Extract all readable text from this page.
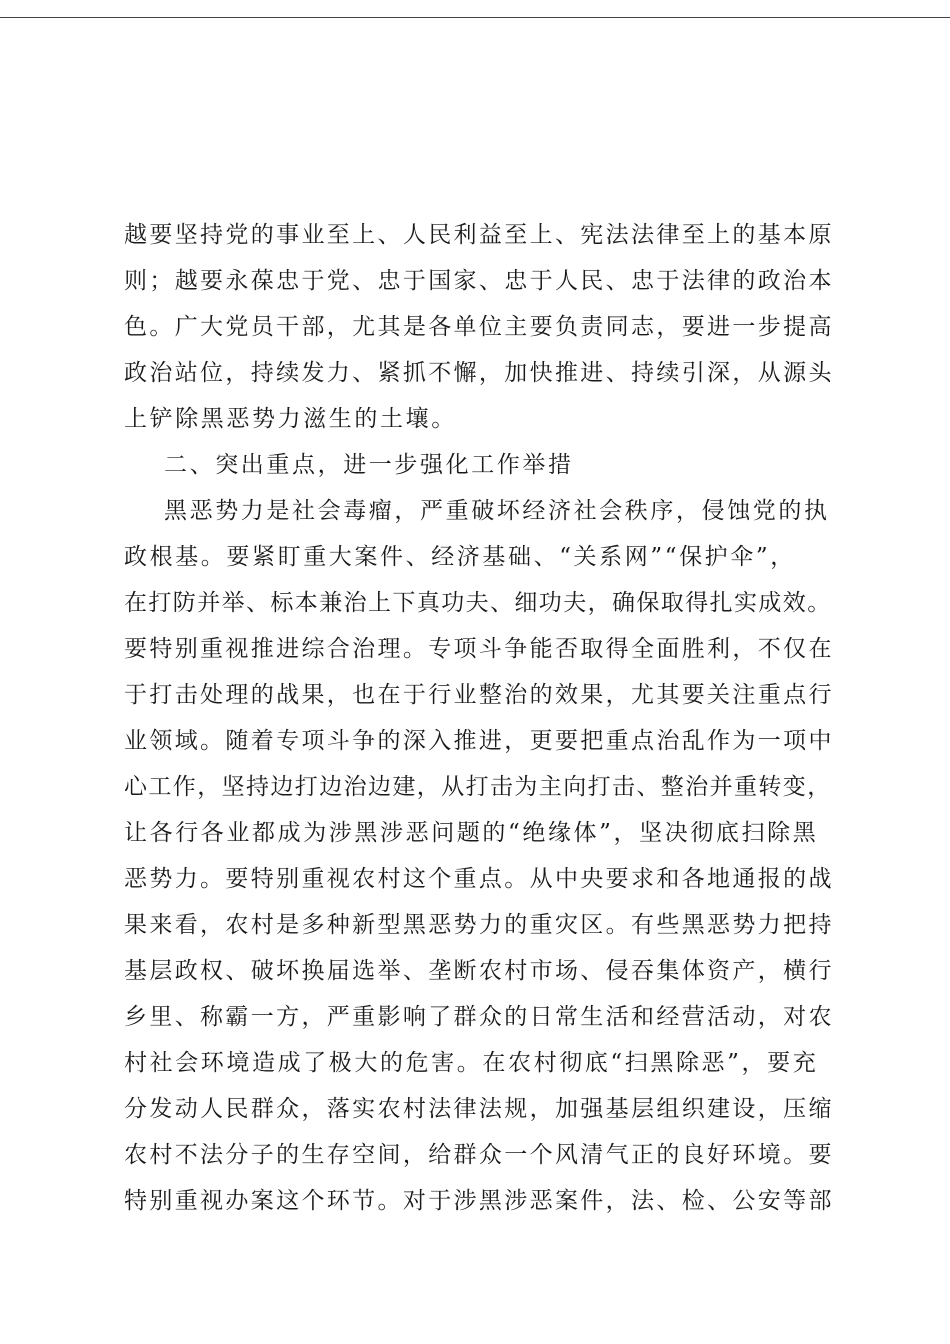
越要坚持党的事业至上、人民利益至上、宪法法律至上的基本原
则；越要永葆忠于党、忠于国家、忠于人民、忠于法律的政治本
色。广大党员干部，尤其是各单位主要负责同志，要进一步提高
政治站位，持续发力、紧抓不懈，加快推进、持续引深，从源头
上铲除黑恶势力滋生的土壤。
二、突出重点，进一步强化工作举措
黑恶势力是社会毒瘤，严重破坏经济社会秩序，侵蚀党的执
政根基。要紧盯重大案件、经济基础、“关系网”“保护伞”，
在打防并举、标本兼治上下真功夫、细功夫，确保取得扎实成效。
要特别重视推进综合治理。专项斗争能否取得全面胜利，不仅在
于打击处理的战果，也在于行业整治的效果，尤其要关注重点行
业领域。随着专项斗争的深入推进，更要把重点治乱作为一项中
心工作，坚持边打边治边建，从打击为主向打击、整治并重转变，
让各行各业都成为涉黑涉恶问题的“绝缘体”，坚决彻底扫除黑
恶势力。要特别重视农村这个重点。从中央要求和各地通报的战
果来看，农村是多种新型黑恶势力的重灾区。有些黑恶势力把持
基层政权、破坏换届选举、垄断农村市场、侵吞集体资产，横行
乡里、称霸一方，严重影响了群众的日常生活和经营活动，对农
村社会环境造成了极大的危害。在农村彻底“扫黑除恶”，要充
分发动人民群众，落实农村法律法规，加强基层组织建设，压缩
农村不法分子的生存空间，给群众一个风清气正的良好环境。要
特别重视办案这个环节。对于涉黑涉恶案件，法、检、公安等部
